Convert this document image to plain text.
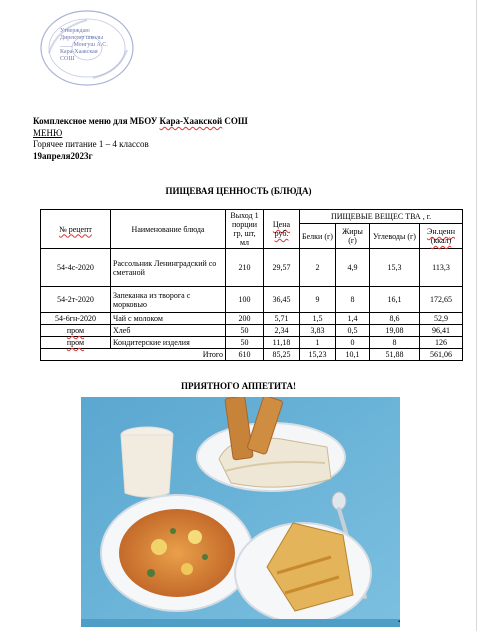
Утверждаю
Директор школы
____ Монгуш А.С.
Кара-Хаакская
СОШ
Комплексное меню для МБОУ Кара-Хаакской СОШ
МЕНЮ
Горячее питание 1 – 4 классов
19апреля2023г
ПИЩЕВАЯ ЦЕННОСТЬ (БЛЮДА)
№ рецепт	Наименование блюда	Выход 1 порции гр, шт, мл	Цена руб.	ПИЩЕВЫЕ ВЕЩЕС ТВА , г.			
				Белки (г)	Жиры (г)	Углеводы (г)	Эн.ценн (ккал)
54-4с-2020	Рассольник Ленинградский со сметаной	210	29,57	2	4,9	15,3	113,3
54-2т-2020	Запеканка из творога с морковью	100	36,45	9	8	16,1	172,65
54-6гн-2020	Чай с молоком	200	5,71	1,5	1,4	8,6	52,9
пром	Хлеб	50	2,34	3,83	0,5	19,08	96,41
пром	Кондитерские изделия	50	11,18	1	0	8	126
Итого		610	85,25	15,23	10,1	51,88	561,06
ПРИЯТНОГО АППЕТИТА!
.
